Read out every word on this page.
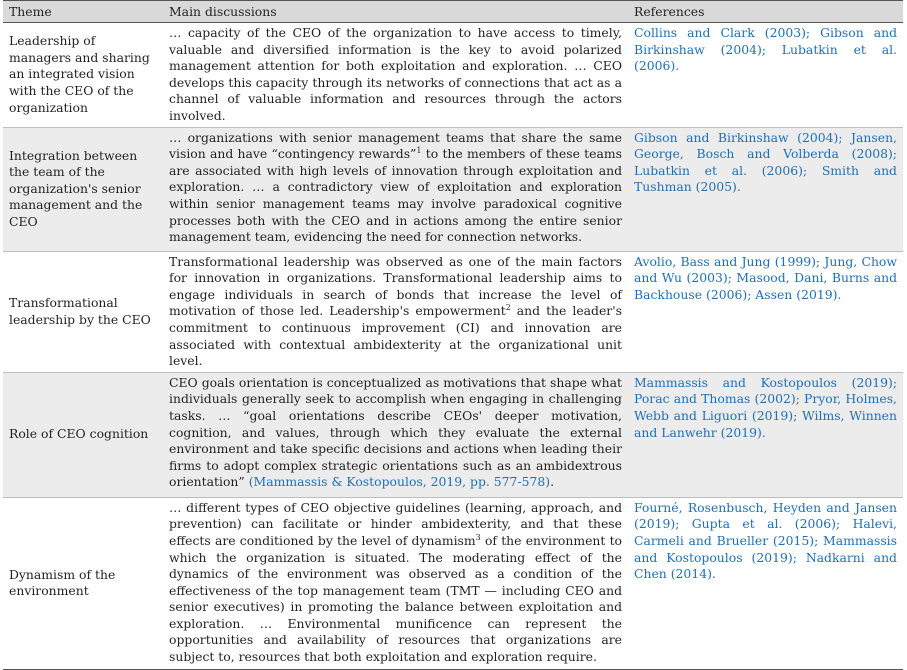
Theme	Main discussions	References
Leadership of managers and sharing an integrated vision with the CEO of the organization	… capacity of the CEO of the organization to have access to timely, valuable and diversified information is the key to avoid polarized management attention for both exploitation and exploration. … CEO develops this capacity through its networks of connections that act as a channel of valuable information and resources through the actors involved.	Collins and Clark (2003); Gibson and Birkinshaw (2004); Lubatkin et al. (2006).
Integration between the team of the organization's senior management and the CEO	… organizations with senior management teams that share the same vision and have “contingency rewards”$^1$ to the members of these teams are associated with high levels of innovation through exploitation and exploration. … a contradictory view of exploitation and exploration within senior management teams may involve paradoxical cognitive processes both with the CEO and in actions among the entire senior management team, evidencing the need for connection networks.	Gibson and Birkinshaw (2004); Jansen, George, Bosch and Volberda (2008); Lubatkin et al. (2006); Smith and Tushman (2005).
Transformational leadership by the CEO	Transformational leadership was observed as one of the main factors for innovation in organizations. Transformational leadership aims to engage individuals in search of bonds that increase the level of motivation of those led. Leadership's empowerment$^2$ and the leader's commitment to continuous improvement (CI) and innovation are associated with contextual ambidexterity at the organizational unit level.	Avolio, Bass and Jung (1999); Jung, Chow and Wu (2003); Masood, Dani, Burns and Backhouse (2006); Assen (2019).
Role of CEO cognition	CEO goals orientation is conceptualized as motivations that shape what individuals generally seek to accomplish when engaging in challenging tasks. … “goal orientations describe CEOs' deeper motivation, cognition, and values, through which they evaluate the external environment and take specific decisions and actions when leading their firms to adopt complex strategic orientations such as an ambidextrous orientation” (Mammassis & Kostopoulos, 2019, pp. 577-578).	Mammassis and Kostopoulos (2019); Porac and Thomas (2002); Pryor, Holmes, Webb and Liguori (2019); Wilms, Winnen and Lanwehr (2019).
Dynamism of the environment	… different types of CEO objective guidelines (learning, approach, and prevention) can facilitate or hinder ambidexterity, and that these effects are conditioned by the level of dynamism$^3$ of the environment to which the organization is situated. The moderating effect of the dynamics of the environment was observed as a condition of the effectiveness of the top management team (TMT — including CEO and senior executives) in promoting the balance between exploitation and exploration. … Environmental munificence can represent the opportunities and availability of resources that organizations are subject to, resources that both exploitation and exploration require.	Fourné, Rosenbusch, Heyden and Jansen (2019); Gupta et al. (2006); Halevi, Carmeli and Brueller (2015); Mammassis and Kostopoulos (2019); Nadkarni and Chen (2014).
